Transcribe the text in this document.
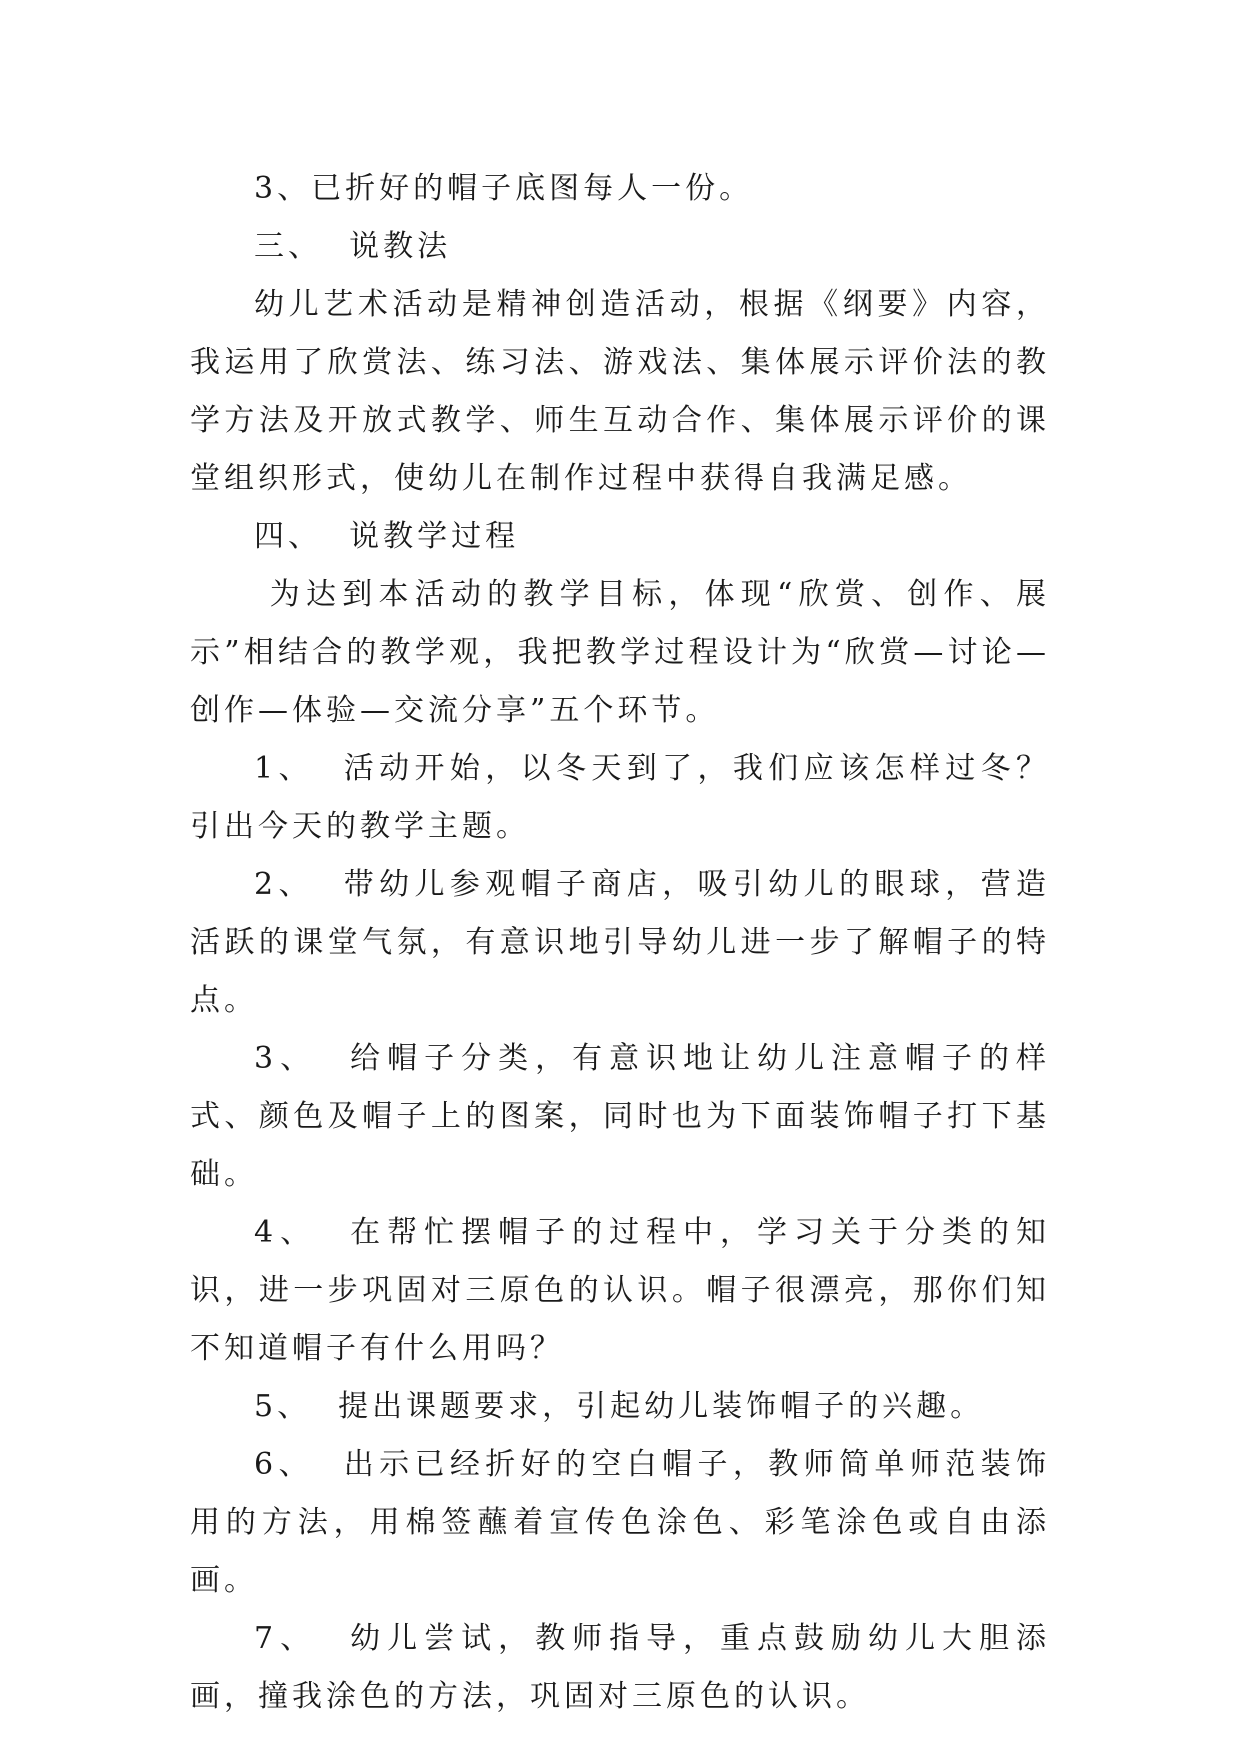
3、已折好的帽子底图每人一份。

三、  说教法

幼儿艺术活动是精神创造活动，根据《纲要》内容，我运用了欣赏法、练习法、游戏法、集体展示评价法的教学方法及开放式教学、师生互动合作、集体展示评价的课堂组织形式，使幼儿在制作过程中获得自我满足感。

四、  说教学过程

为达到本活动的教学目标，体现“欣赏、创作、展示”相结合的教学观，我把教学过程设计为“欣赏—讨论—创作—体验—交流分享”五个环节。

1、  活动开始，以冬天到了，我们应该怎样过冬？引出今天的教学主题。

2、  带幼儿参观帽子商店，吸引幼儿的眼球，营造活跃的课堂气氛，有意识地引导幼儿进一步了解帽子的特点。

3、  给帽子分类，有意识地让幼儿注意帽子的样式、颜色及帽子上的图案，同时也为下面装饰帽子打下基础。

4、  在帮忙摆帽子的过程中，学习关于分类的知识，进一步巩固对三原色的认识。帽子很漂亮，那你们知不知道帽子有什么用吗？

5、  提出课题要求，引起幼儿装饰帽子的兴趣。

6、  出示已经折好的空白帽子，教师简单师范装饰用的方法，用棉签蘸着宣传色涂色、彩笔涂色或自由添画。

7、  幼儿尝试，教师指导，重点鼓励幼儿大胆添画，撞我涂色的方法，巩固对三原色的认识。
